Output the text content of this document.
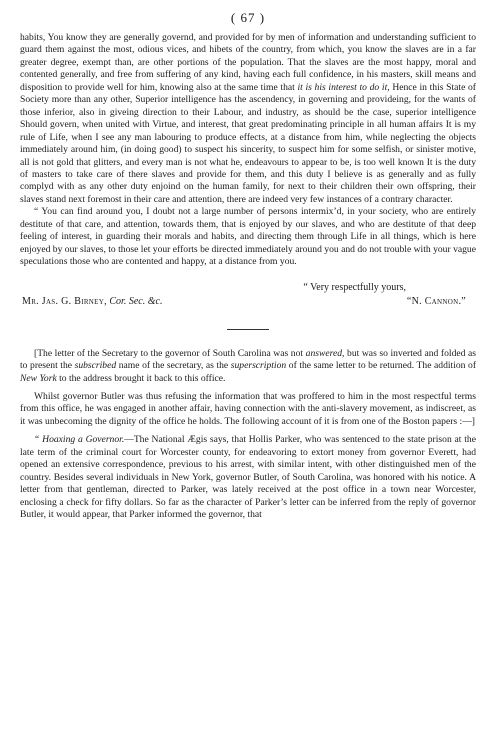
( 67 )

habits, You know they are generally governd, and provided for by men of information and understanding sufficient to guard them against the most, odious vices, and hibets of the country, from which, you know the slaves are in a far greater degree, exempt than, are other portions of the population. That the slaves are the most happy, moral and contented generally, and free from suffering of any kind, having each full confidence, in his masters, skill means and disposition to provide well for him, knowing also at the same time that it is his interest to do it, Hence in this State of Society more than any other, Superior intelligence has the ascendency, in governing and provideing, for the wants of those inferior, also in giveing direction to their Labour, and industry, as should be the case, superior intelligence Should govern, when united with Virtue, and interest, that great predominating principle in all human affairs It is my rule of Life, when I see any man labouring to produce effects, at a distance from him, while neglecting the objects immediately around him, (in doing good) to suspect his sincerity, to suspect him for some selfish, or sinister motive, all is not gold that glitters, and every man is not what he, endeavours to appear to be, is too well known It is the duty of masters to take care of there slaves and provide for them, and this duty I believe is as generally and as fully complyd with as any other duty enjoind on the human family, for next to their children their own offspring, their slaves stand next foremost in their care and attention, there are indeed very few instances of a contrary character.

“ You can find around you, I doubt not a large number of persons intermix’d, in your society, who are entirely destitute of that care, and attention, towards them, that is enjoyed by our slaves, and who are destitute of that deep feeling of interest, in guarding their morals and habits, and directing them through Life in all things, which is here enjoyed by our slaves, to those let your efforts be directed immediately around you and do not trouble with your vague speculations those who are contented and happy, at a distance from you.

“ Very respectfully yours,

Mr. Jas. G. Birney, Cor. Sec. &c.	“N. Cannon.”

[The letter of the Secretary to the governor of South Carolina was not answered, but was so inverted and folded as to present the subscribed name of the secretary, as the superscription of the same letter to be returned. The addition of New York to the address brought it back to this office.

Whilst governor Butler was thus refusing the information that was proffered to him in the most respectful terms from this office, he was engaged in another affair, having connection with the anti-slavery movement, as indiscreet, as it was unbecoming the dignity of the office he holds. The following account of it is from one of the Boston papers :—]

“ Hoaxing a Governor.—The National Ægis says, that Hollis Parker, who was sentenced to the state prison at the late term of the criminal court for Worcester county, for endeavoring to extort money from governor Everett, had opened an extensive correspondence, previous to his arrest, with similar intent, with other distinguished men of the country. Besides several individuals in New York, governor Butler, of South Carolina, was honored with his notice. A letter from that gentleman, directed to Parker, was lately received at the post office in a town near Worcester, enclosing a check for fifty dollars. So far as the character of Parker’s letter can be inferred from the reply of governor Butler, it would appear, that Parker informed the governor, that
